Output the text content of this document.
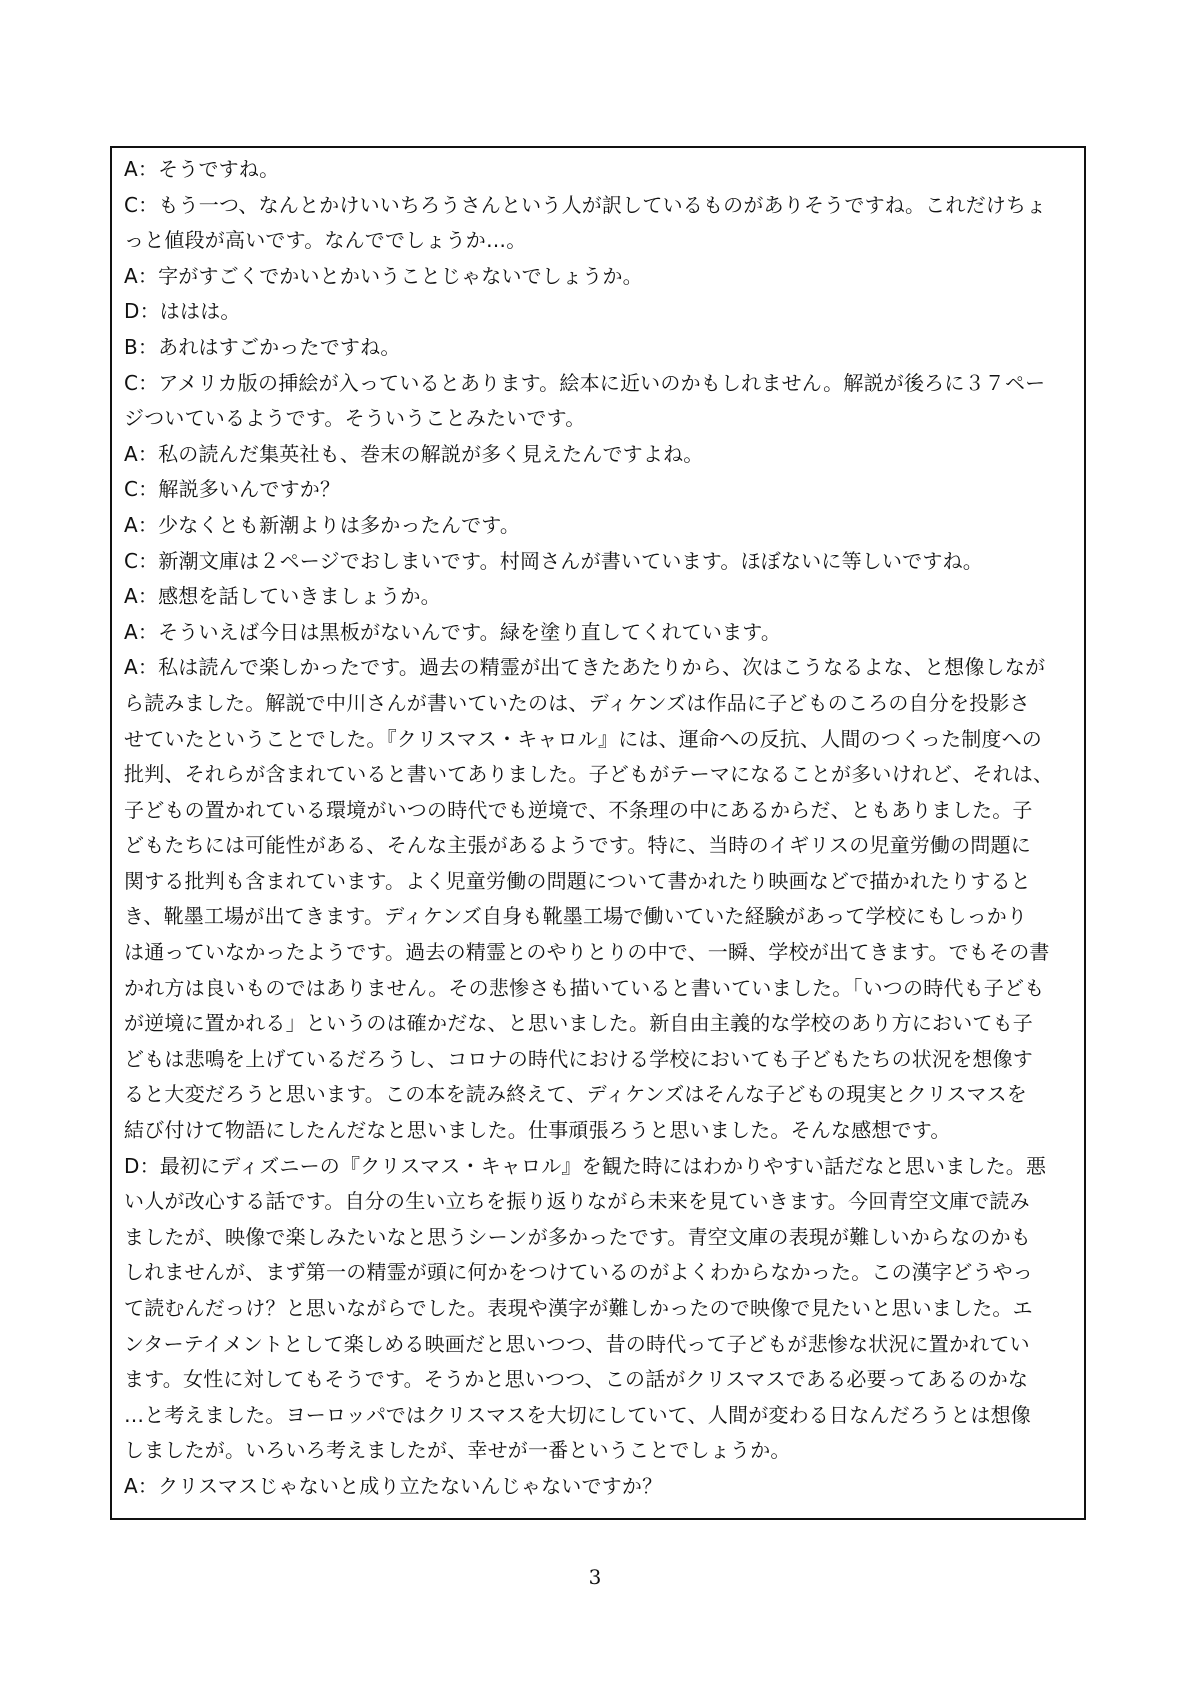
A：そうですね。
C：もう一つ、なんとかけいいちろうさんという人が訳しているものがありそうですね。これだけちょ
っと値段が高いです。なんででしょうか…。
A：字がすごくでかいとかいうことじゃないでしょうか。
D：ははは。
B：あれはすごかったですね。
C：アメリカ版の挿絵が入っているとあります。絵本に近いのかもしれません。解説が後ろに３７ペー
ジついているようです。そういうことみたいです。
A：私の読んだ集英社も、巻末の解説が多く見えたんですよね。
C：解説多いんですか？
A：少なくとも新潮よりは多かったんです。
C：新潮文庫は２ページでおしまいです。村岡さんが書いています。ほぼないに等しいですね。
A：感想を話していきましょうか。
A：そういえば今日は黒板がないんです。緑を塗り直してくれています。
A：私は読んで楽しかったです。過去の精霊が出てきたあたりから、次はこうなるよな、と想像しなが
ら読みました。解説で中川さんが書いていたのは、ディケンズは作品に子どものころの自分を投影さ
せていたということでした。『クリスマス・キャロル』には、運命への反抗、人間のつくった制度への
批判、それらが含まれていると書いてありました。子どもがテーマになることが多いけれど、それは、
子どもの置かれている環境がいつの時代でも逆境で、不条理の中にあるからだ、ともありました。子
どもたちには可能性がある、そんな主張があるようです。特に、当時のイギリスの児童労働の問題に
関する批判も含まれています。よく児童労働の問題について書かれたり映画などで描かれたりすると
き、靴墨工場が出てきます。ディケンズ自身も靴墨工場で働いていた経験があって学校にもしっかり
は通っていなかったようです。過去の精霊とのやりとりの中で、一瞬、学校が出てきます。でもその書
かれ方は良いものではありません。その悲惨さも描いていると書いていました。「いつの時代も子ども
が逆境に置かれる」というのは確かだな、と思いました。新自由主義的な学校のあり方においても子
どもは悲鳴を上げているだろうし、コロナの時代における学校においても子どもたちの状況を想像す
ると大変だろうと思います。この本を読み終えて、ディケンズはそんな子どもの現実とクリスマスを
結び付けて物語にしたんだなと思いました。仕事頑張ろうと思いました。そんな感想です。
D：最初にディズニーの『クリスマス・キャロル』を観た時にはわかりやすい話だなと思いました。悪
い人が改心する話です。自分の生い立ちを振り返りながら未来を見ていきます。今回青空文庫で読み
ましたが、映像で楽しみたいなと思うシーンが多かったです。青空文庫の表現が難しいからなのかも
しれませんが、まず第一の精霊が頭に何かをつけているのがよくわからなかった。この漢字どうやっ
て読むんだっけ？と思いながらでした。表現や漢字が難しかったので映像で見たいと思いました。エ
ンターテイメントとして楽しめる映画だと思いつつ、昔の時代って子どもが悲惨な状況に置かれてい
ます。女性に対してもそうです。そうかと思いつつ、この話がクリスマスである必要ってあるのかな
…と考えました。ヨーロッパではクリスマスを大切にしていて、人間が変わる日なんだろうとは想像
しましたが。いろいろ考えましたが、幸せが一番ということでしょうか。
A：クリスマスじゃないと成り立たないんじゃないですか？
3
